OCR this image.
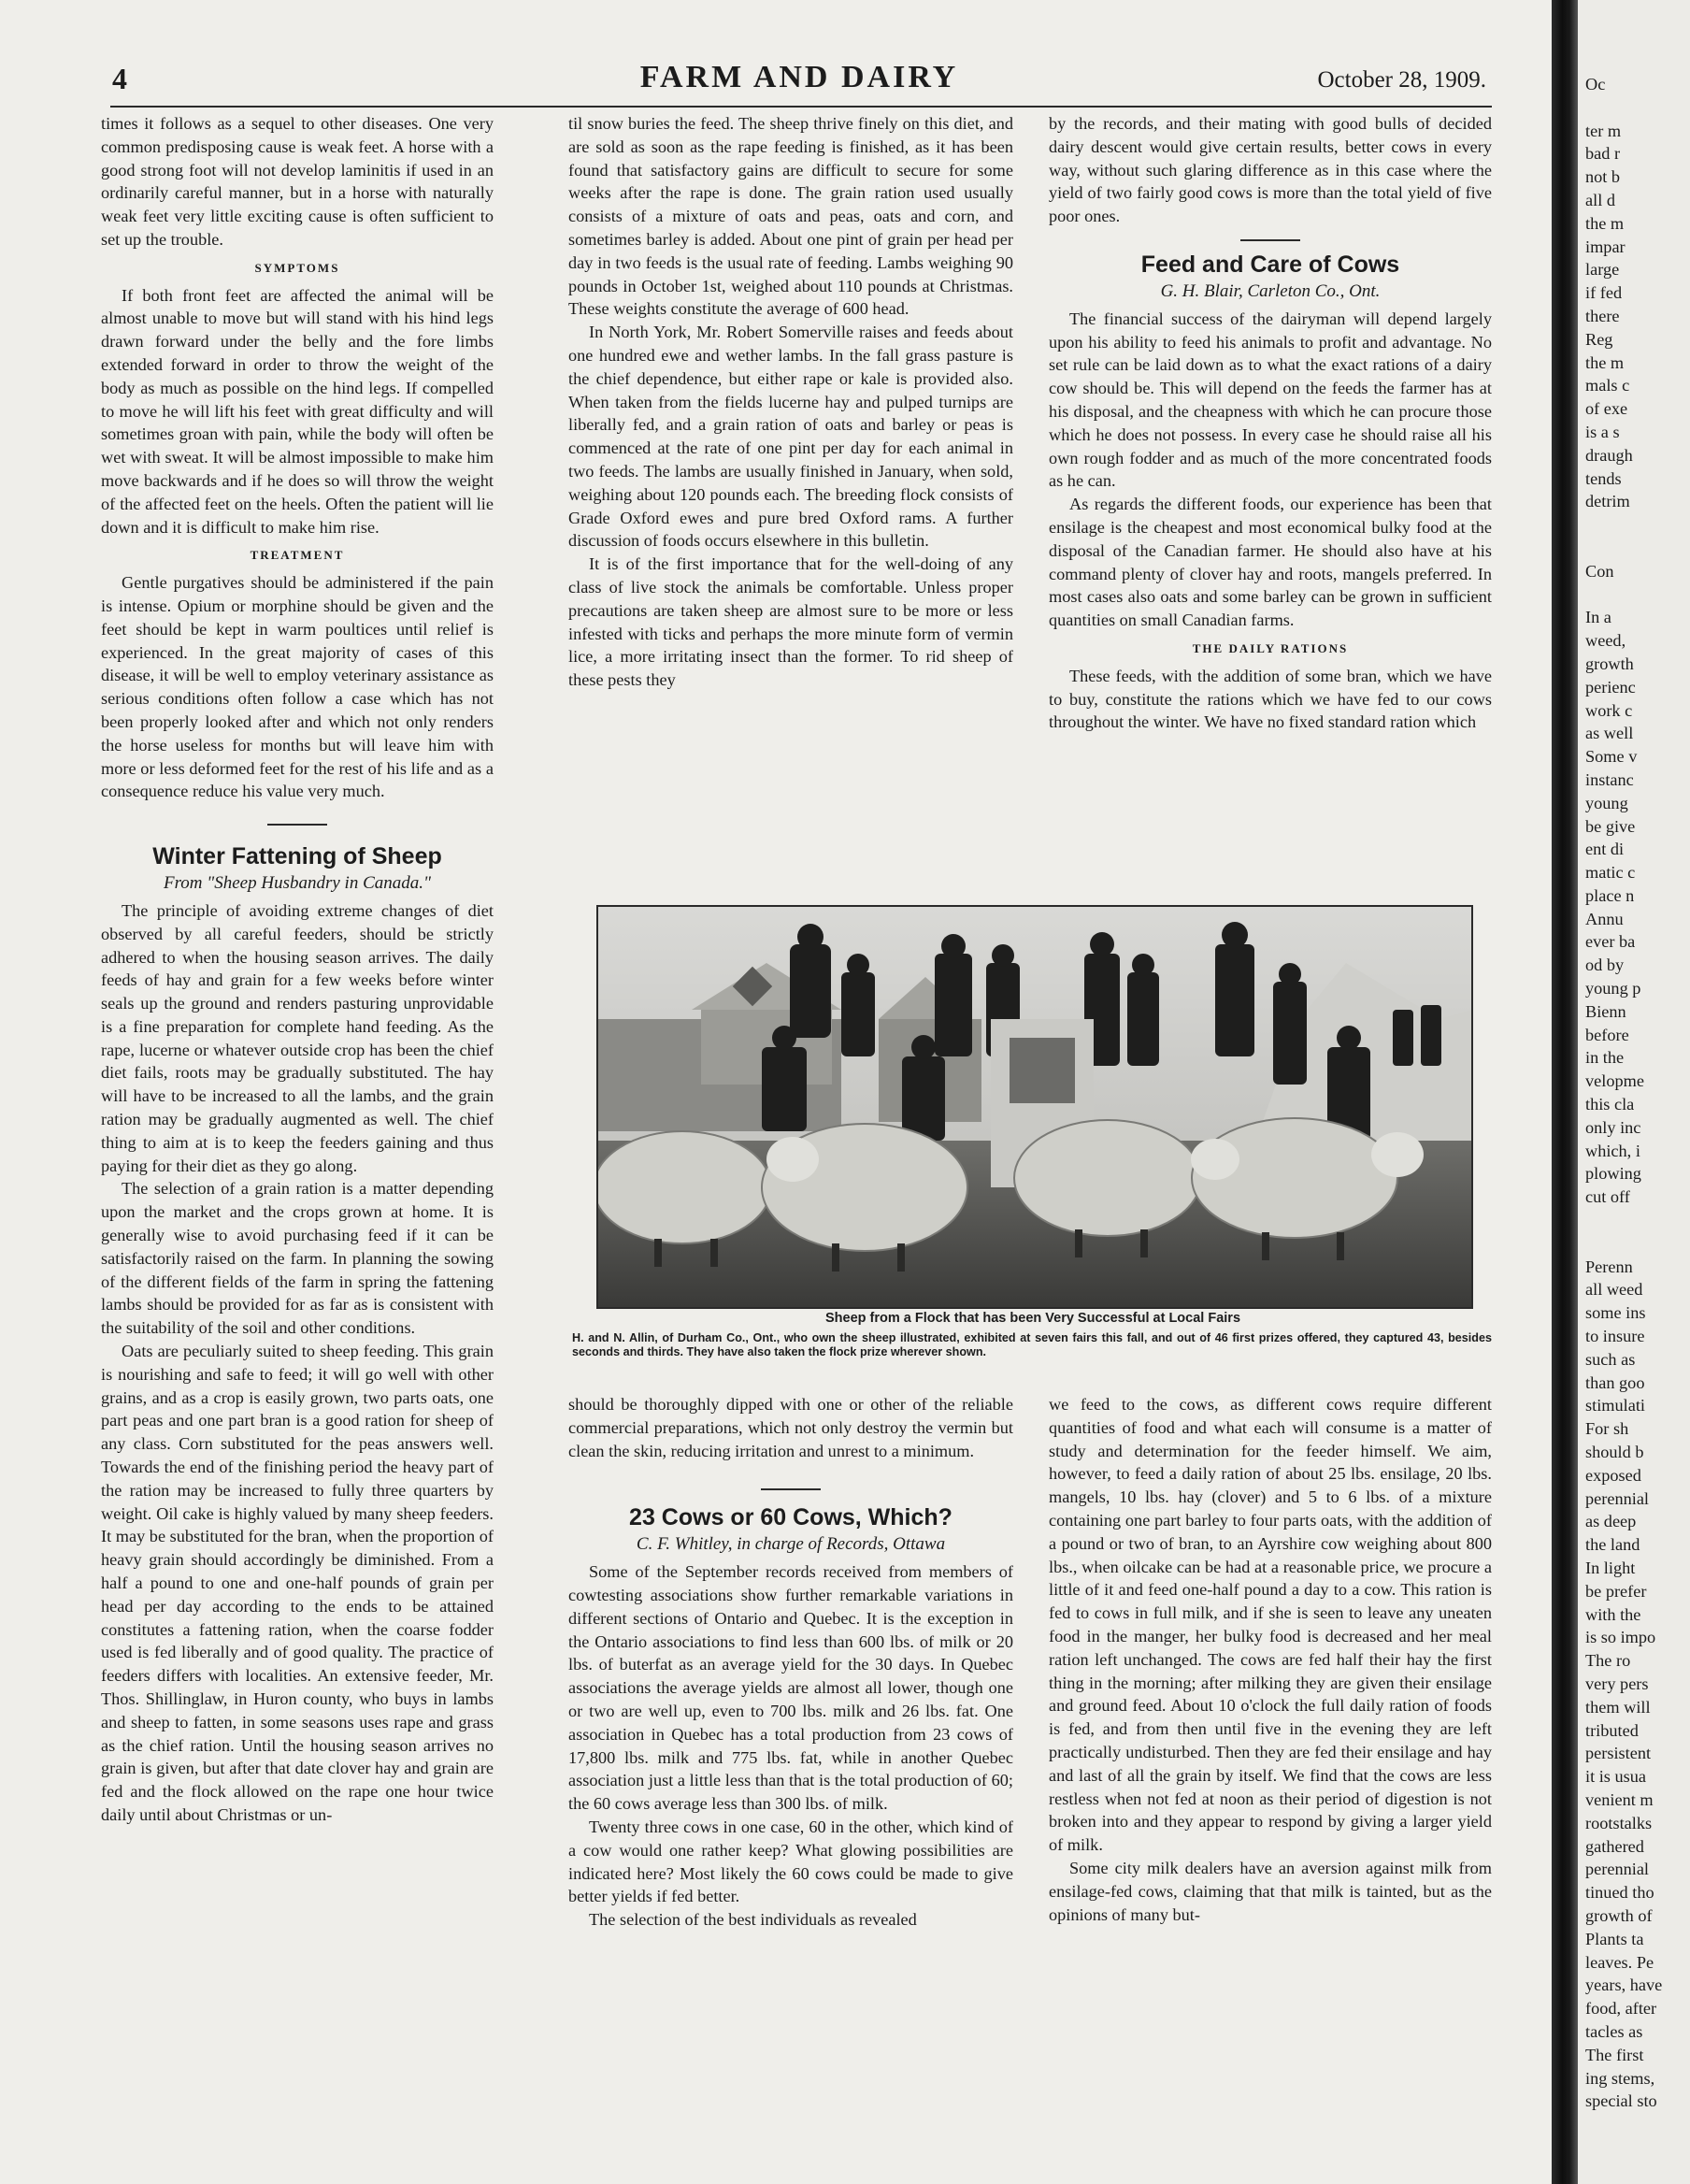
4	FARM AND DAIRY	October 28, 1909.

times it follows as a sequel to other diseases. One very common predisposing cause is weak feet. A horse with a good strong foot will not develop laminitis if used in an ordinarily careful manner, but in a horse with naturally weak feet very little exciting cause is often sufficient to set up the trouble.

SYMPTOMS

If both front feet are affected the animal will be almost unable to move but will stand with his hind legs drawn forward under the belly and the fore limbs extended forward in order to throw the weight of the body as much as possible on the hind legs. If compelled to move he will lift his feet with great difficulty and will sometimes groan with pain, while the body will often be wet with sweat. It will be almost impossible to make him move backwards and if he does so will throw the weight of the affected feet on the heels. Often the patient will lie down and it is difficult to make him rise.

TREATMENT

Gentle purgatives should be administered if the pain is intense. Opium or morphine should be given and the feet should be kept in warm poultices until relief is experienced. In the great majority of cases of this disease, it will be well to employ veterinary assistance as serious conditions often follow a case which has not been properly looked after and which not only renders the horse useless for months but will leave him with more or less deformed feet for the rest of his life and as a consequence reduce his value very much.

Winter Fattening of Sheep
From "Sheep Husbandry in Canada."

The principle of avoiding extreme changes of diet observed by all careful feeders, should be strictly adhered to when the housing season arrives. The daily feeds of hay and grain for a few weeks before winter seals up the ground and renders pasturing unprovidable is a fine preparation for complete hand feeding. As the rape, lucerne or whatever outside crop has been the chief diet fails, roots may be gradually substituted. The hay will have to be increased to all the lambs, and the grain ration may be gradually augmented as well. The chief thing to aim at is to keep the feeders gaining and thus paying for their diet as they go along.

The selection of a grain ration is a matter depending upon the market and the crops grown at home. It is generally wise to avoid purchasing feed if it can be satisfactorily raised on the farm. In planning the sowing of the different fields of the farm in spring the fattening lambs should be provided for as far as is consistent with the suitability of the soil and other conditions.

Oats are peculiarly suited to sheep feeding. This grain is nourishing and safe to feed; it will go well with other grains, and as a crop is easily grown, two parts oats, one part peas and one part bran is a good ration for sheep of any class. Corn substituted for the peas answers well. Towards the end of the finishing period the heavy part of the ration may be increased to fully three quarters by weight. Oil cake is highly valued by many sheep feeders. It may be substituted for the bran, when the proportion of heavy grain should accordingly be diminished. From a half a pound to one and one-half pounds of grain per head per day according to the ends to be attained constitutes a fattening ration, when the coarse fodder used is fed liberally and of good quality. The practice of feeders differs with localities. An extensive feeder, Mr. Thos. Shillinglaw, in Huron county, who buys in lambs and sheep to fatten, in some seasons uses rape and grass as the chief ration. Until the housing season arrives no grain is given, but after that date clover hay and grain are fed and the flock allowed on the rape one hour twice daily until about Christmas or un-

til snow buries the feed. The sheep thrive finely on this diet, and are sold as soon as the rape feeding is finished, as it has been found that satisfactory gains are difficult to secure for some weeks after the rape is done. The grain ration used usually consists of a mixture of oats and peas, oats and corn, and sometimes barley is added. About one pint of grain per head per day in two feeds is the usual rate of feeding. Lambs weighing 90 pounds in October 1st, weighed about 110 pounds at Christmas. These weights constitute the average of 600 head.

In North York, Mr. Robert Somerville raises and feeds about one hundred ewe and wether lambs. In the fall grass pasture is the chief dependence, but either rape or kale is provided also. When taken from the fields lucerne hay and pulped turnips are liberally fed, and a grain ration of oats and barley or peas is commenced at the rate of one pint per day for each animal in two feeds. The lambs are usually finished in January, when sold, weighing about 120 pounds each. The breeding flock consists of Grade Oxford ewes and pure bred Oxford rams. A further discussion of foods occurs elsewhere in this bulletin.

It is of the first importance that for the well-doing of any class of live stock the animals be comfortable. Unless proper precautions are taken sheep are almost sure to be more or less infested with ticks and perhaps the more minute form of vermin lice, a more irritating insect than the former. To rid sheep of these pests they

by the records, and their mating with good bulls of decided dairy descent would give certain results, better cows in every way, without such glaring difference as in this case where the yield of two fairly good cows is more than the total yield of five poor ones.

Feed and Care of Cows
G. H. Blair, Carleton Co., Ont.

The financial success of the dairyman will depend largely upon his ability to feed his animals to profit and advantage. No set rule can be laid down as to what the exact rations of a dairy cow should be. This will depend on the feeds the farmer has at his disposal, and the cheapness with which he can procure those which he does not possess. In every case he should raise all his own rough fodder and as much of the more concentrated foods as he can.

As regards the different foods, our experience has been that ensilage is the cheapest and most economical bulky food at the disposal of the Canadian farmer. He should also have at his command plenty of clover hay and roots, mangels preferred. In most cases also oats and some barley can be grown in sufficient quantities on small Canadian farms.

THE DAILY RATIONS

These feeds, with the addition of some bran, which we have to buy, constitute the rations which we have fed to our cows throughout the winter. We have no fixed standard ration which

Sheep from a Flock that has been Very Successful at Local Fairs
H. and N. Allin, of Durham Co., Ont., who own the sheep illustrated, exhibited at seven fairs this fall, and out of 46 first prizes offered, they captured 43, besides seconds and thirds. They have also taken the flock prize wherever shown.

should be thoroughly dipped with one or other of the reliable commercial preparations, which not only destroy the vermin but clean the skin, reducing irritation and unrest to a minimum.

23 Cows or 60 Cows, Which?
C. F. Whitley, in charge of Records, Ottawa

Some of the September records received from members of cowtesting associations show further remarkable variations in different sections of Ontario and Quebec. It is the exception in the Ontario associations to find less than 600 lbs. of milk or 20 lbs. of buterfat as an average yield for the 30 days. In Quebec associations the average yields are almost all lower, though one or two are well up, even to 700 lbs. milk and 26 lbs. fat. One association in Quebec has a total production from 23 cows of 17,800 lbs. milk and 775 lbs. fat, while in another Quebec association just a little less than that is the total production of 60; the 60 cows average less than 300 lbs. of milk.

Twenty three cows in one case, 60 in the other, which kind of a cow would one rather keep? What glowing possibilities are indicated here? Most likely the 60 cows could be made to give better yields if fed better.

The selection of the best individuals as revealed

we feed to the cows, as different cows require different quantities of food and what each will consume is a matter of study and determination for the feeder himself. We aim, however, to feed a daily ration of about 25 lbs. ensilage, 20 lbs. mangels, 10 lbs. hay (clover) and 5 to 6 lbs. of a mixture containing one part barley to four parts oats, with the addition of a pound or two of bran, to an Ayrshire cow weighing about 800 lbs., when oilcake can be had at a reasonable price, we procure a little of it and feed one-half pound a day to a cow. This ration is fed to cows in full milk, and if she is seen to leave any uneaten food in the manger, her bulky food is decreased and her meal ration left unchanged. The cows are fed half their hay the first thing in the morning; after milking they are given their ensilage and ground feed. About 10 o'clock the full daily ration of foods is fed, and from then until five in the evening they are left practically undisturbed. Then they are fed their ensilage and hay and last of all the grain by itself. We find that the cows are less restless when not fed at noon as their period of digestion is not broken into and they appear to respond by giving a larger yield of milk.

Some city milk dealers have an aversion against milk from ensilage-fed cows, claiming that that milk is tainted, but as the opinions of many but-

Oc
ter m
bad r
not b
all d
the m
impar
large
if fed
there
Reg
the m
mals c
of exe
is a s
draugh
tends
detrim
Con
In a
weed,
growth
perienc
work c
as well
Some v
instanc
young
be give
ent di
matic c
place n
Annu
ever ba
od by
young p
Bienn
before
in the
velopme
this cla
only inc
which, i
plowing
cut off
Perenn
all weed
some ins
to insure
such as
than goo
stimulati
For sh
should b
exposed
perennial
as deep
the land
In light
be prefer
with the
is so impo
The ro
very pers
them will
tributed
persistent
it is usua
venient m
rootstalks
gathered
perennial
tinued tho
growth of
Plants ta
leaves. Pe
years, have
food, after
tacles as
The first
ing stems,
special sto
